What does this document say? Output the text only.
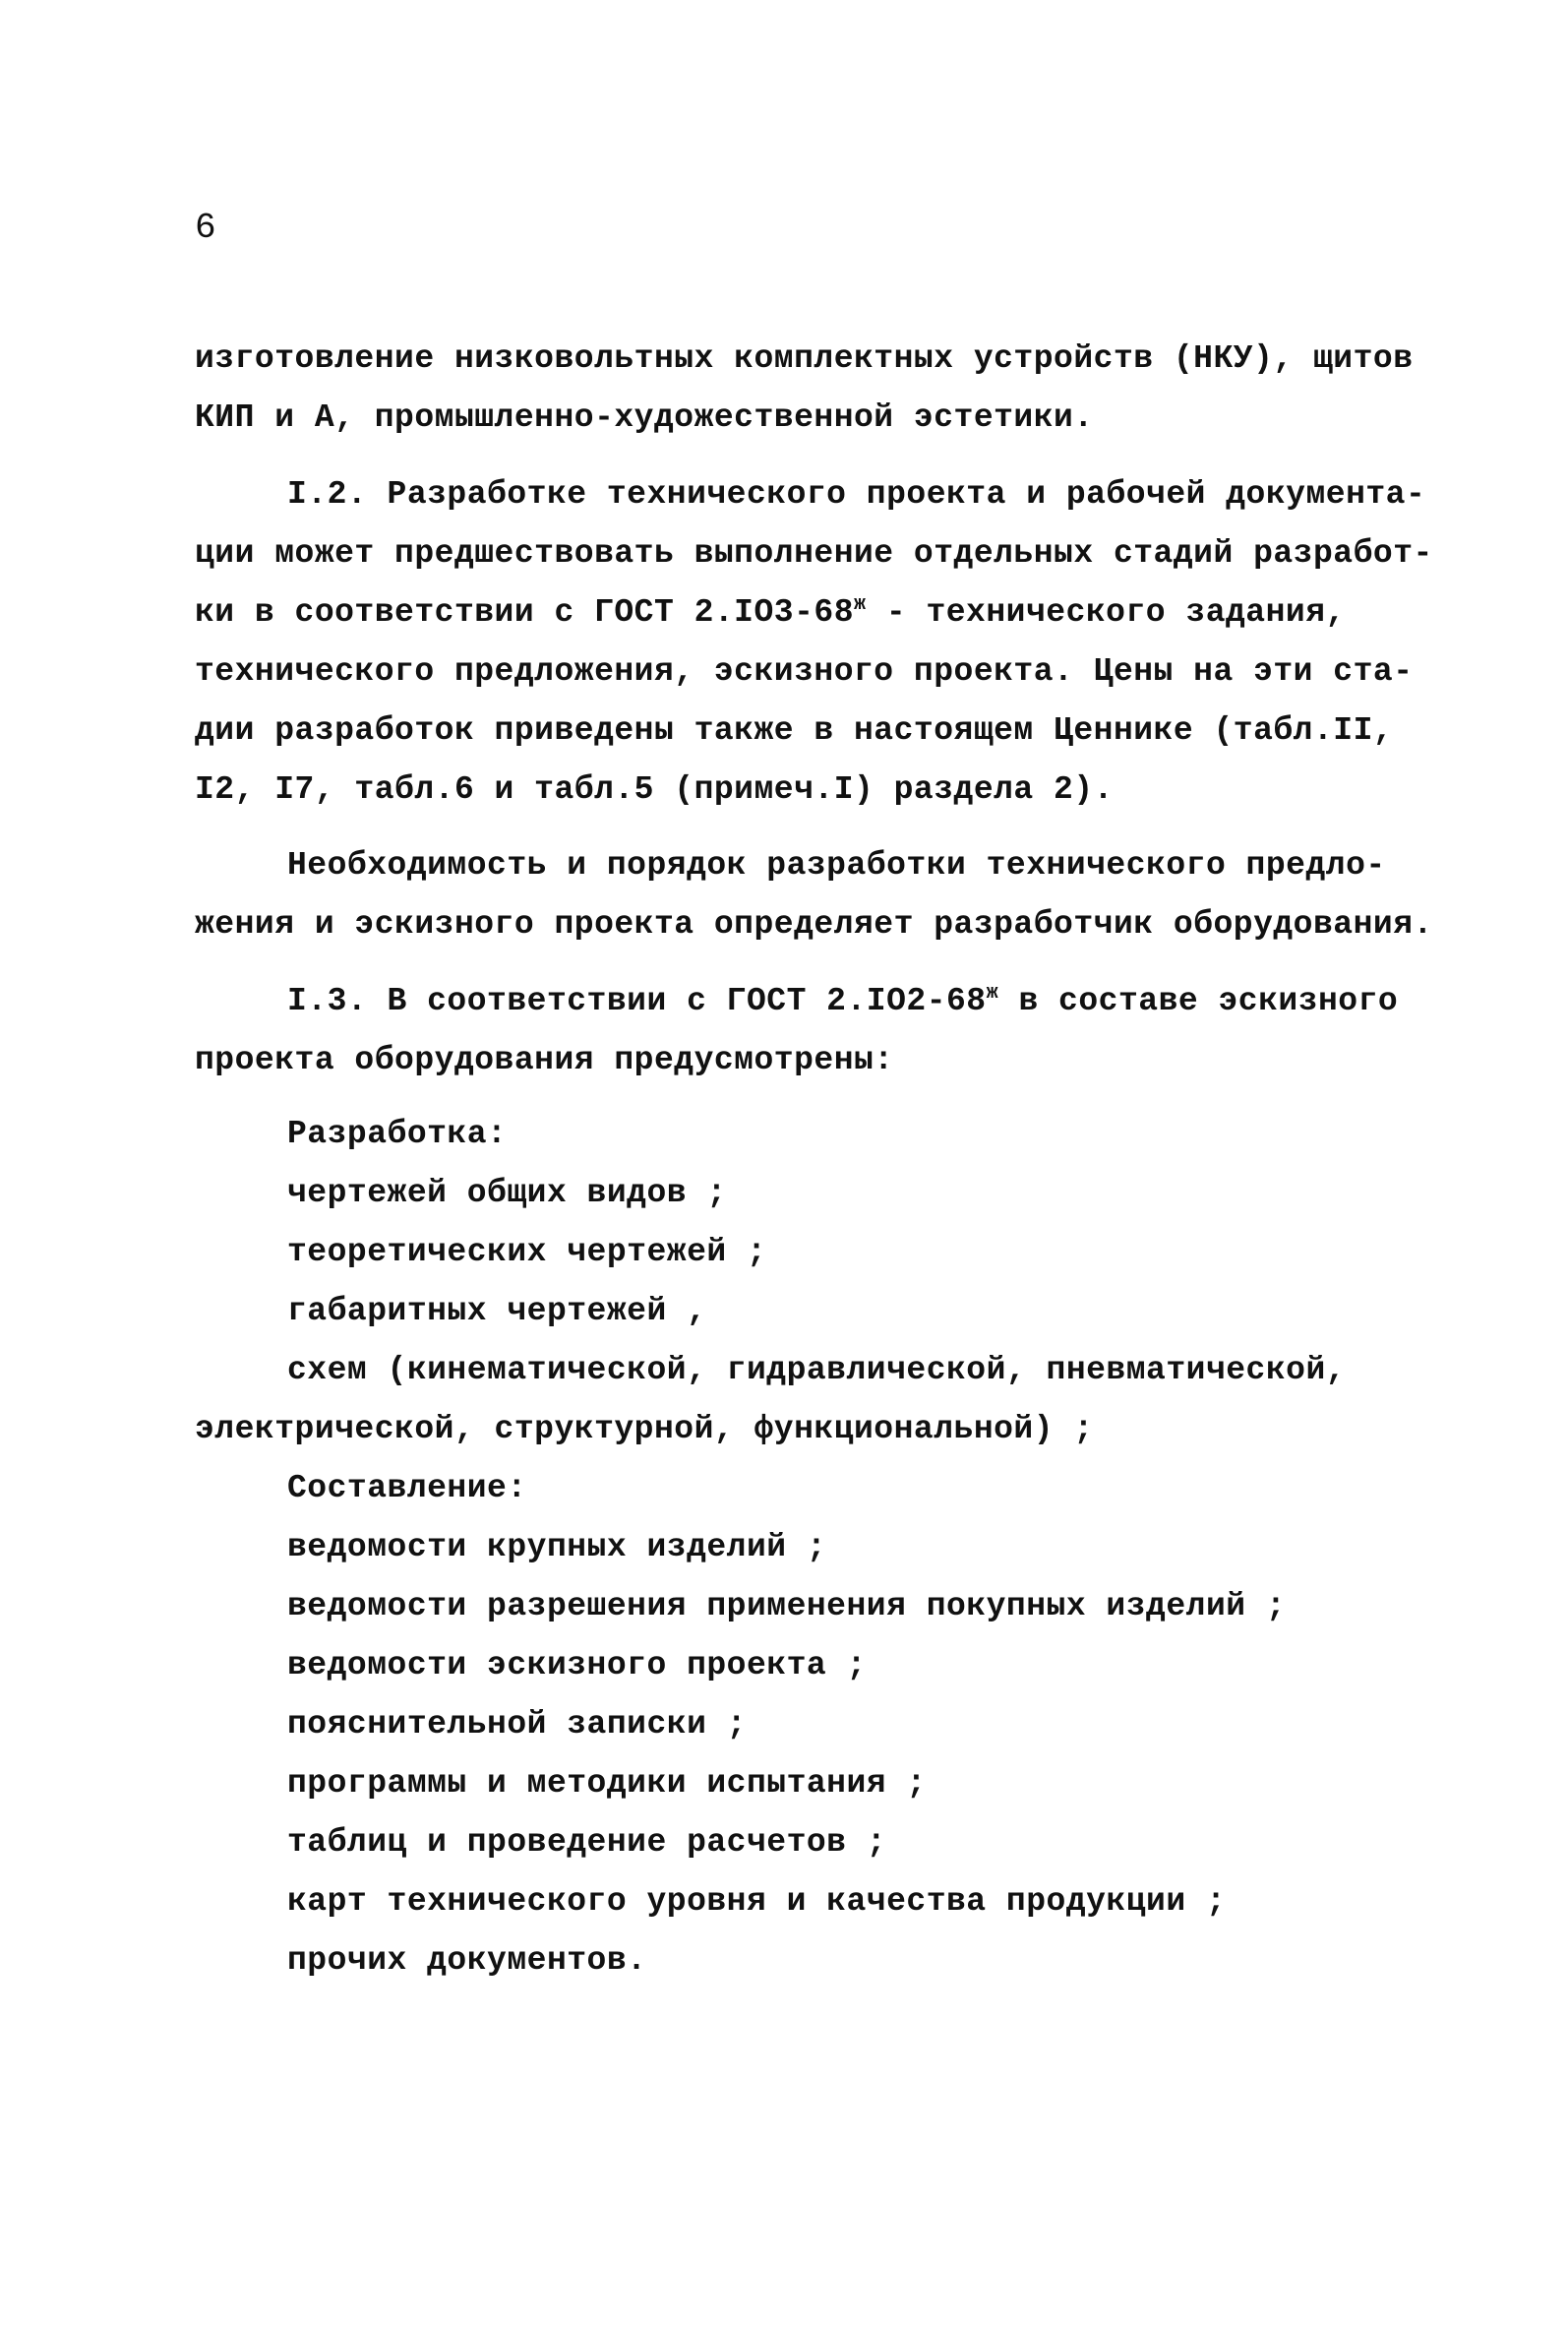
6
изготовление низковольтных комплектных устройств (НКУ), щитов
КИП и А, промышленно-художественной эстетики.
I.2. Разработке технического проекта и рабочей документа-
ции может предшествовать выполнение отдельных стадий разработ-
ки в соответствии с ГОСТ $2.IO3-68^ж$ - технического задания,
технического предложения, эскизного проекта. Цены на эти ста-
дии разработок приведены также в настоящем Ценнике (табл.II,
I2, I7, табл.6 и табл.5 (примеч.I) раздела 2).
Необходимость и порядок разработки технического предло-
жения и эскизного проекта определяет разработчик оборудования.
I.3. В соответствии с ГОСТ $2.IO2-68^ж$ в составе эскизного
проекта оборудования предусмотрены:
Разработка:
чертежей общих видов ;
теоретических чертежей ;
габаритных чертежей ,
схем (кинематической, гидравлической, пневматической,
электрической, структурной, функциональной) ;
Составление:
ведомости крупных изделий ;
ведомости разрешения применения покупных изделий ;
ведомости эскизного проекта ;
пояснительной записки ;
программы и методики испытания ;
таблиц и проведение расчетов ;
карт технического уровня и качества продукции ;
прочих документов.
